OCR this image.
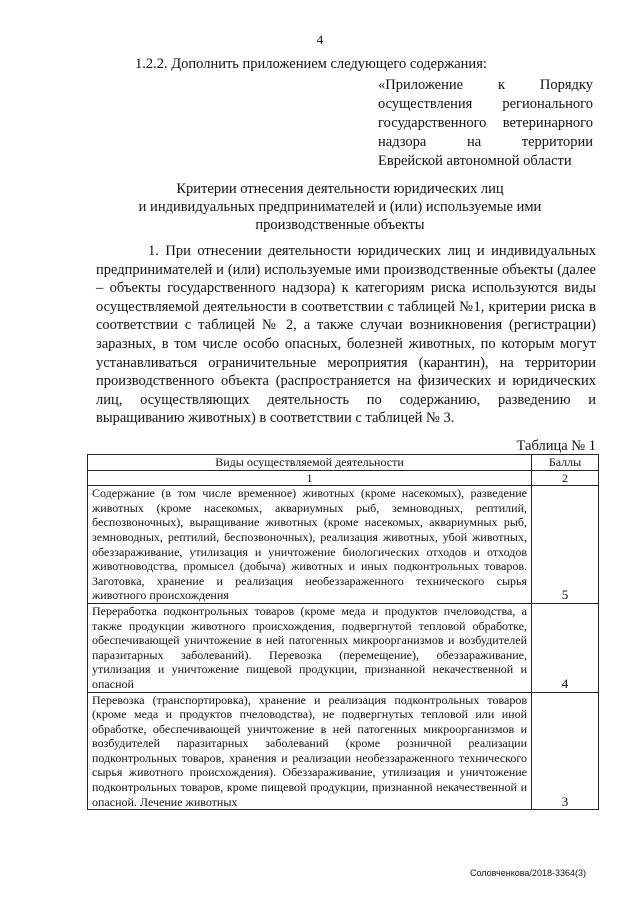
4
1.2.2. Дополнить приложением следующего содержания:
«Приложение к Порядку
осуществления регионального
государственного ветеринарного
надзора на территории
Еврейской автономной области
Критерии отнесения деятельности юридических лиц
и индивидуальных предпринимателей и (или) используемые ими
производственные объекты
1. При отнесении деятельности юридических лиц и индивидуальных предпринимателей и (или) используемые ими производственные объекты (далее – объекты государственного надзора) к категориям риска используются виды осуществляемой деятельности в соответствии с таблицей №1, критерии риска в соответствии с таблицей № 2, а также случаи возникновения (регистрации) заразных, в том числе особо опасных, болезней животных, по которым могут устанавливаться ограничительные мероприятия (карантин), на территории производственного объекта (распространяется на физических и юридических лиц, осуществляющих деятельность по содержанию, разведению и выращиванию животных) в соответствии с таблицей № 3.
Таблица № 1
Виды осуществляемой деятельности	Баллы
1	2
Содержание (в том числе временное) животных (кроме насекомых), разведение животных (кроме насекомых, аквариумных рыб, земноводных, рептилий, беспозвоночных), выращивание животных (кроме насекомых, аквариумных рыб, земноводных, рептилий, беспозвоночных), реализация животных, убой животных, обеззараживание, утилизация и уничтожение биологических отходов и отходов животноводства, промысел (добыча) животных и иных подконтрольных товаров. Заготовка, хранение и реализация необеззараженного технического сырья животного происхождения	5
Переработка подконтрольных товаров (кроме меда и продуктов пчеловодства, а также продукции животного происхождения, подвергнутой тепловой обработке, обеспечивающей уничтожение в ней патогенных микроорганизмов и возбудителей паразитарных заболеваний). Перевозка (перемещение), обеззараживание, утилизация и уничтожение пищевой продукции, признанной некачественной и опасной	4
Перевозка (транспортировка), хранение и реализация подконтрольных товаров (кроме меда и продуктов пчеловодства), не подвергнутых тепловой или иной обработке, обеспечивающей уничтожение в ней патогенных микроорганизмов и возбудителей паразитарных заболеваний (кроме розничной реализации подконтрольных товаров, хранения и реализации необеззараженного технического сырья животного происхождения). Обеззараживание, утилизация и уничтожение подконтрольных товаров, кроме пищевой продукции, признанной некачественной и опасной. Лечение животных	3
Соловченкова/2018-3364(3)
